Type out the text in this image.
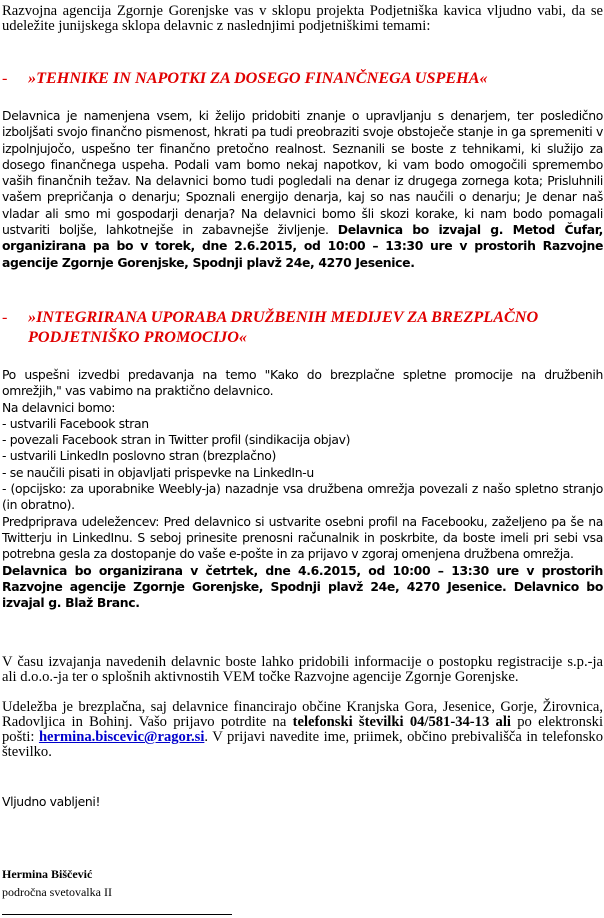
Razvojna agencija Zgornje Gorenjske vas v sklopu projekta Podjetniška kavica vljudno vabi, da se udeležite junijskega sklopa delavnic z naslednjimi podjetniškimi temami:

- »TEHNIKE IN NAPOTKI ZA DOSEGO FINANČNEGA USPEHA«

Delavnica je namenjena vsem, ki želijo pridobiti znanje o upravljanju s denarjem, ter posledično izboljšati svojo finančno pismenost, hkrati pa tudi preobraziti svoje obstoječe stanje in ga spremeniti v izpolnjujočo, uspešno ter finančno pretočno realnost. Seznanili se boste z tehnikami, ki služijo za dosego finančnega uspeha. Podali vam bomo nekaj napotkov, ki vam bodo omogočili spremembo vaših finančnih težav. Na delavnici bomo tudi pogledali na denar iz drugega zornega kota; Prisluhnili vašem prepričanja o denarju; Spoznali energijo denarja, kaj so nas naučili o denarju; Je denar naš vladar ali smo mi gospodarji denarja? Na delavnici bomo šli skozi korake, ki nam bodo pomagali ustvariti boljše, lahkotnejše in zabavnejše življenje. Delavnica bo izvajal g. Metod Čufar, organizirana pa bo v torek, dne 2.6.2015, od 10:00 – 13:30 ure v prostorih Razvojne agencije Zgornje Gorenjske, Spodnji plavž 24e, 4270 Jesenice.

- »INTEGRIRANA UPORABA DRUŽBENIH MEDIJEV ZA BREZPLAČNO PODJETNIŠKO PROMOCIJO«
Po uspešni izvedbi predavanja na temo "Kako do brezplačne spletne promocije na družbenih omrežjih," vas vabimo na praktično delavnico.
Na delavnici bomo:
- ustvarili Facebook stran
- povezali Facebook stran in Twitter profil (sindikacija objav)
- ustvarili LinkedIn poslovno stran (brezplačno)
- se naučili pisati in objavljati prispevke na LinkedIn-u
- (opcijsko: za uporabnike Weebly-ja) nazadnje vsa družbena omrežja povezali z našo spletno stranjo (in obratno).
Predpriprava udeležencev: Pred delavnico si ustvarite osebni profil na Facebooku, zaželjeno pa še na Twitterju in LinkedInu. S seboj prinesite prenosni računalnik in poskrbite, da boste imeli pri sebi vsa potrebna gesla za dostopanje do vaše e-pošte in za prijavo v zgoraj omenjena družbena omrežja.
Delavnica bo organizirana v četrtek, dne 4.6.2015, od 10:00 – 13:30 ure v prostorih Razvojne agencije Zgornje Gorenjske, Spodnji plavž 24e, 4270 Jesenice. Delavnico bo izvajal g. Blaž Branc.

V času izvajanja navedenih delavnic boste lahko pridobili informacije o postopku registracije s.p.-ja ali d.o.o.-ja ter o splošnih aktivnostih VEM točke Razvojne agencije Zgornje Gorenjske.

Udeležba je brezplačna, saj delavnice financirajo občine Kranjska Gora, Jesenice, Gorje, Žirovnica, Radovljica in Bohinj. Vašo prijavo potrdite na telefonski številki 04/581-34-13 ali po elektronski pošti: hermina.biscevic@ragor.si. V prijavi navedite ime, priimek, občino prebivališča in telefonsko številko.

Vljudno vabljeni!
Hermina Biščević
področna svetovalka II
